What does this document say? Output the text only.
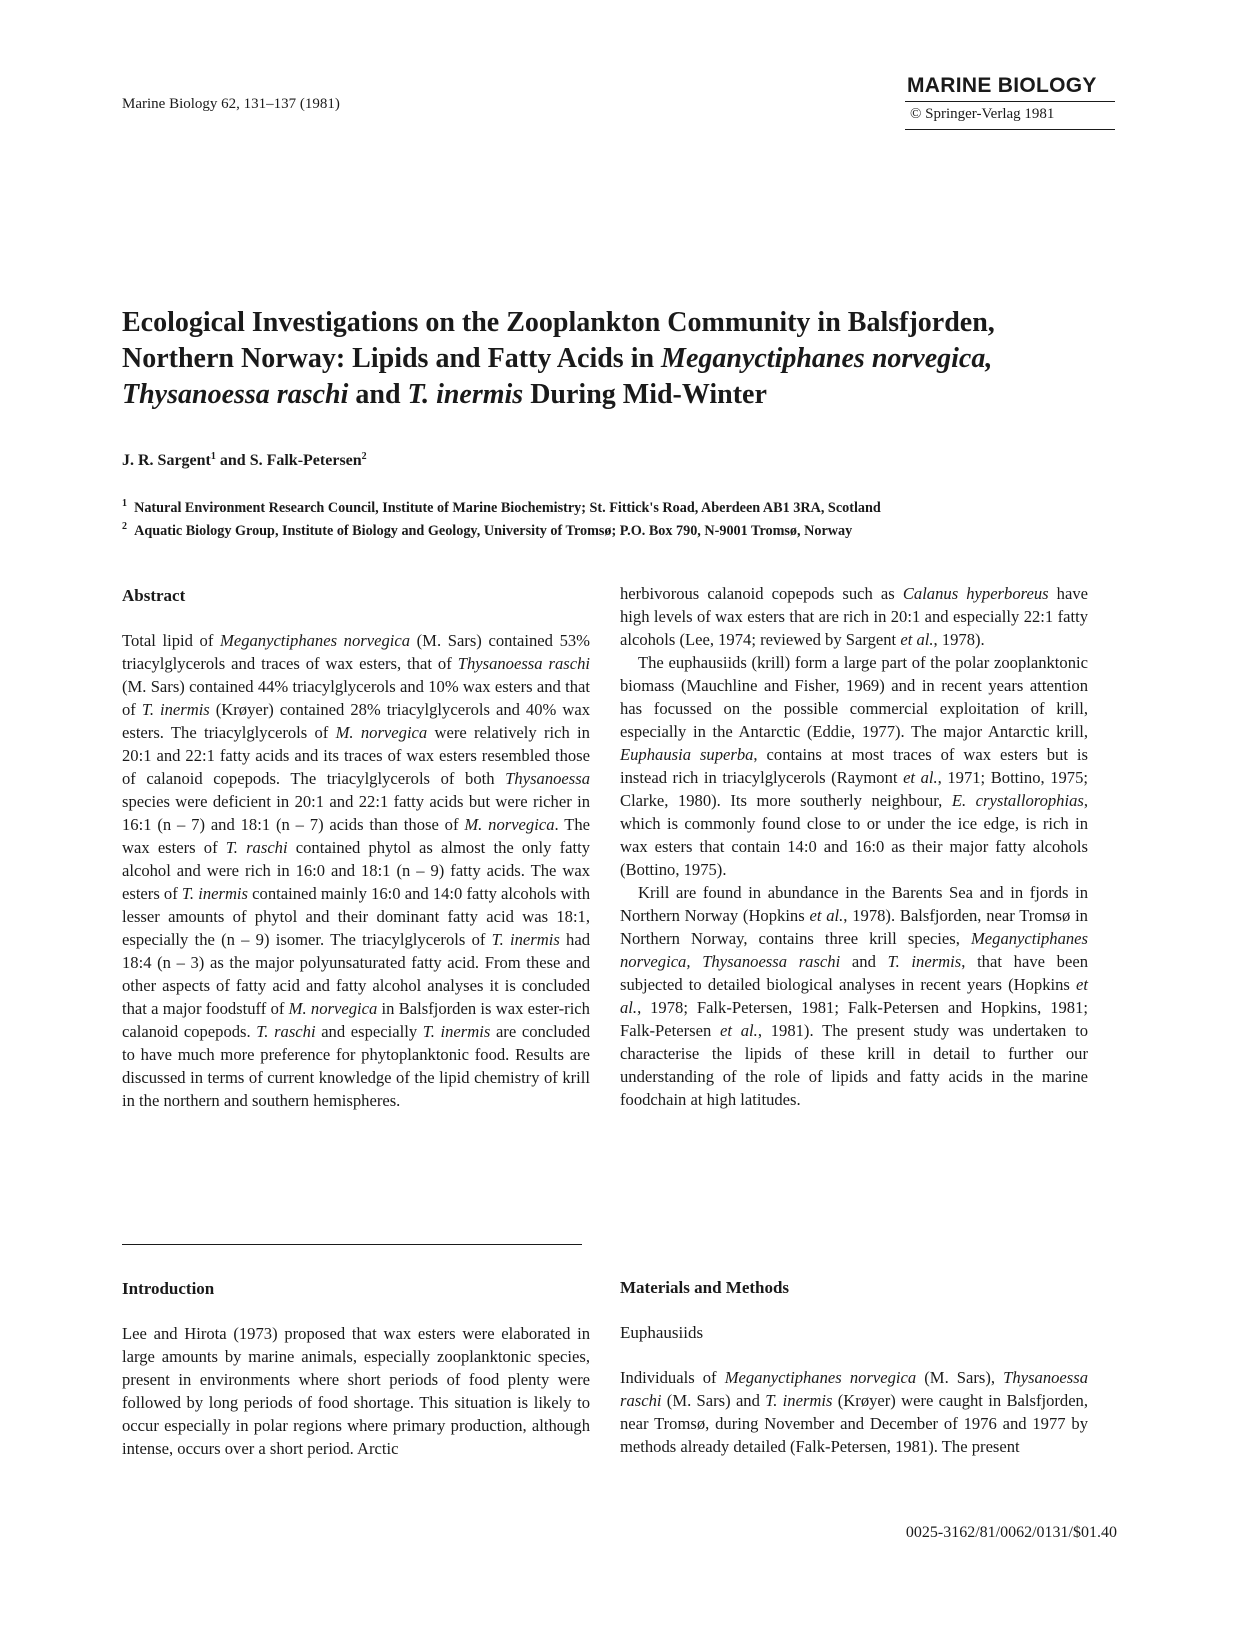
Marine Biology 62, 131–137 (1981)
MARINE BIOLOGY
© Springer-Verlag 1981
Ecological Investigations on the Zooplankton Community in Balsfjorden,
Northern Norway: Lipids and Fatty Acids in Meganyctiphanes norvegica,
Thysanoessa raschi and T. inermis During Mid-Winter
J. R. Sargent$^1$ and S. Falk-Petersen$^2$
$^1$ Natural Environment Research Council, Institute of Marine Biochemistry; St. Fittick's Road, Aberdeen AB1 3RA, Scotland
$^2$ Aquatic Biology Group, Institute of Biology and Geology, University of Tromsø; P.O. Box 790, N-9001 Tromsø, Norway
Abstract

Total lipid of Meganyctiphanes norvegica (M. Sars) contained 53% triacylglycerols and traces of wax esters, that of Thysanoessa raschi (M. Sars) contained 44% triacylglycerols and 10% wax esters and that of T. inermis (Krøyer) contained 28% triacylglycerols and 40% wax esters. The triacylglycerols of M. norvegica were relatively rich in 20:1 and 22:1 fatty acids and its traces of wax esters resembled those of calanoid copepods. The triacylglycerols of both Thysanoessa species were deficient in 20:1 and 22:1 fatty acids but were richer in 16:1 (n – 7) and 18:1 (n – 7) acids than those of M. norvegica. The wax esters of T. raschi contained phytol as almost the only fatty alcohol and were rich in 16:0 and 18:1 (n – 9) fatty acids. The wax esters of T. inermis contained mainly 16:0 and 14:0 fatty alcohols with lesser amounts of phytol and their dominant fatty acid was 18:1, especially the (n – 9) isomer. The triacylglycerols of T. inermis had 18:4 (n – 3) as the major polyunsaturated fatty acid. From these and other aspects of fatty acid and fatty alcohol analyses it is concluded that a major foodstuff of M. norvegica in Balsfjorden is wax ester-rich calanoid copepods. T. raschi and especially T. inermis are concluded to have much more preference for phytoplanktonic food. Results are discussed in terms of current knowledge of the lipid chemistry of krill in the northern and southern hemispheres.

Introduction

Lee and Hirota (1973) proposed that wax esters were elaborated in large amounts by marine animals, especially zooplanktonic species, present in environments where short periods of food plenty were followed by long periods of food shortage. This situation is likely to occur especially in polar regions where primary production, although intense, occurs over a short period. Arctic

herbivorous calanoid copepods such as Calanus hyperboreus have high levels of wax esters that are rich in 20:1 and especially 22:1 fatty alcohols (Lee, 1974; reviewed by Sargent et al., 1978).

The euphausiids (krill) form a large part of the polar zooplanktonic biomass (Mauchline and Fisher, 1969) and in recent years attention has focussed on the possible commercial exploitation of krill, especially in the Antarctic (Eddie, 1977). The major Antarctic krill, Euphausia superba, contains at most traces of wax esters but is instead rich in triacylglycerols (Raymont et al., 1971; Bottino, 1975; Clarke, 1980). Its more southerly neighbour, E. crystallorophias, which is commonly found close to or under the ice edge, is rich in wax esters that contain 14:0 and 16:0 as their major fatty alcohols (Bottino, 1975).

Krill are found in abundance in the Barents Sea and in fjords in Northern Norway (Hopkins et al., 1978). Balsfjorden, near Tromsø in Northern Norway, contains three krill species, Meganyctiphanes norvegica, Thysanoessa raschi and T. inermis, that have been subjected to detailed biological analyses in recent years (Hopkins et al., 1978; Falk-Petersen, 1981; Falk-Petersen and Hopkins, 1981; Falk-Petersen et al., 1981). The present study was undertaken to characterise the lipids of these krill in detail to further our understanding of the role of lipids and fatty acids in the marine foodchain at high latitudes.

Materials and Methods
Euphausiids

Individuals of Meganyctiphanes norvegica (M. Sars), Thysanoessa raschi (M. Sars) and T. inermis (Krøyer) were caught in Balsfjorden, near Tromsø, during November and December of 1976 and 1977 by methods already detailed (Falk-Petersen, 1981). The present

0025-3162/81/0062/0131/$01.40
